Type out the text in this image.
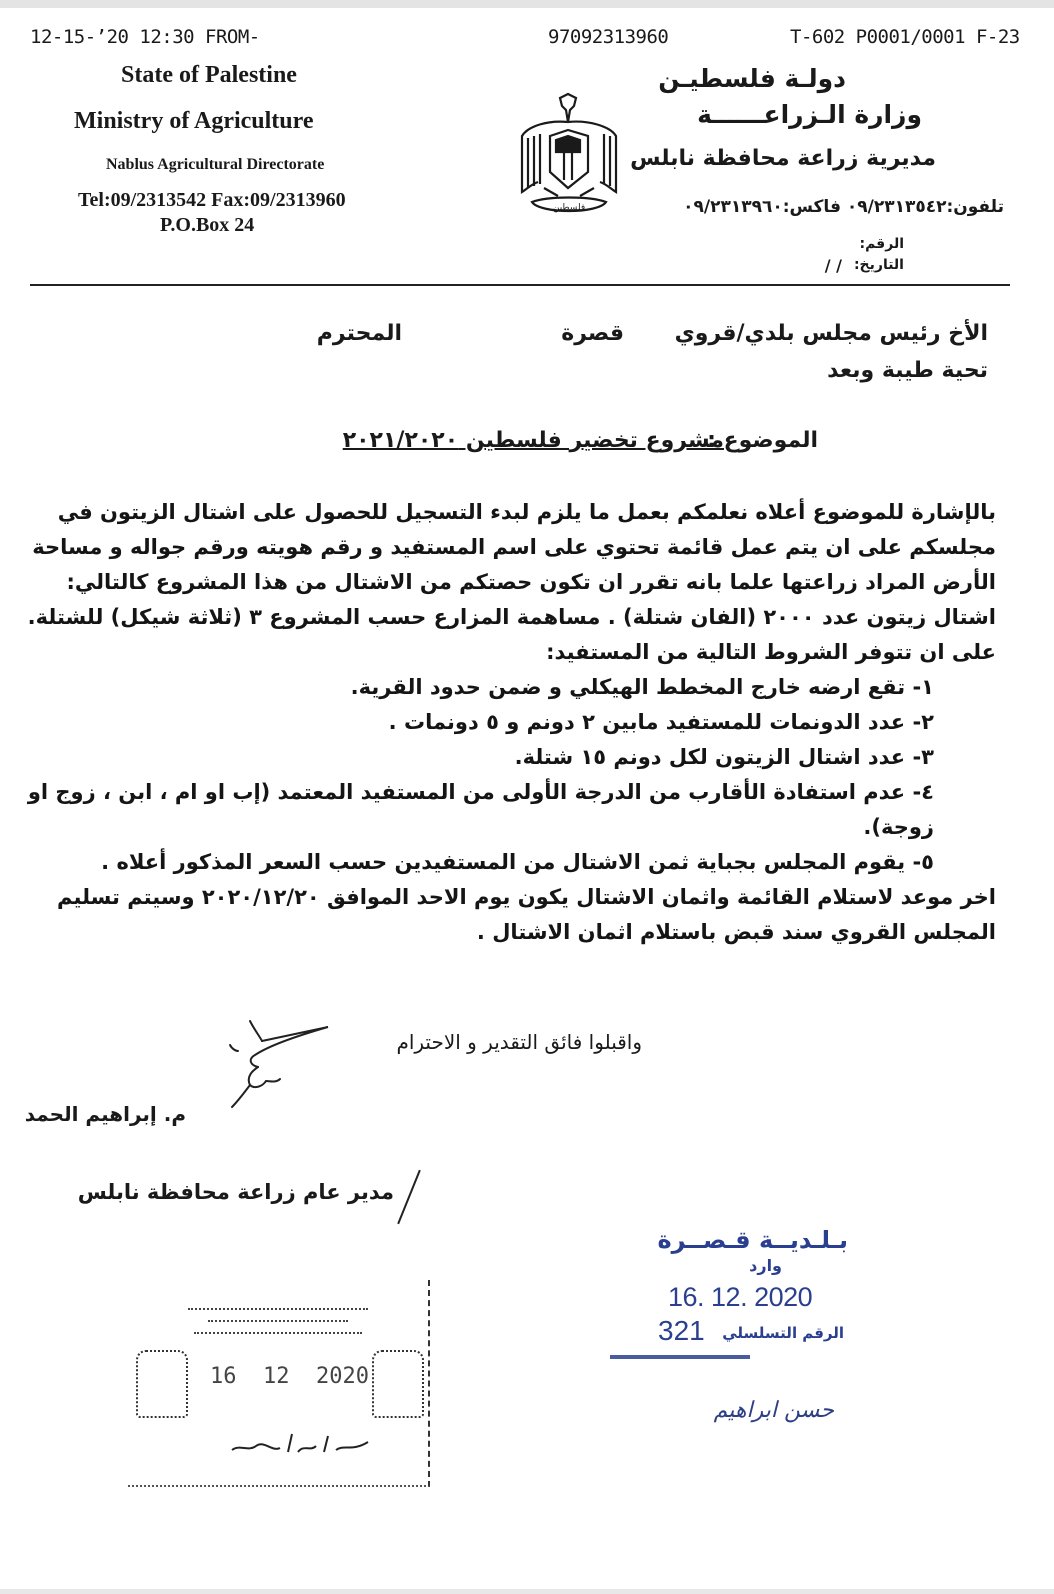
12-15-’20 12:30 FROM-	97092313960	T-602 P0001/0001 F-23
State of Palestine
Ministry of Agriculture
Nablus Agricultural Directorate
Tel:09/2313542 Fax:09/2313960
P.O.Box 24
فلسطين
دولـة فلسطيـن
وزارة الـزراعــــــة
مديرية زراعة محافظة نابلس
تلفون:٠٩/٢٣١٣٥٤٢ فاكس:٠٩/٢٣١٣٩٦٠
الرقم:
التاريخ:
/ /
الأخ رئيس مجلس بلدي/قروي
قصرة
المحترم
تحية طيبة وبعد
الموضوع :
مشروع تخضير فلسطين ٢٠٢١/٢٠٢٠
بالإشارة للموضوع أعلاه نعلمكم بعمل ما يلزم لبدء التسجيل للحصول على اشتال الزيتون في
مجلسكم على ان يتم عمل قائمة تحتوي على اسم المستفيد و رقم هويته ورقم جواله و مساحة
الأرض المراد زراعتها علما بانه تقرر ان تكون حصتكم من الاشتال من هذا المشروع كالتالي:
اشتال زيتون عدد ٢٠٠٠ (الفان شتلة) . مساهمة المزارع حسب المشروع ٣ (ثلاثة شيكل) للشتلة.
على ان تتوفر الشروط التالية من المستفيد:
١- تقع ارضه خارج المخطط الهيكلي و ضمن حدود القرية.
٢- عدد الدونمات للمستفيد مابين ٢ دونم و ٥ دونمات .
٣- عدد اشتال الزيتون لكل دونم ١٥ شتلة.
٤- عدم استفادة الأقارب من الدرجة الأولى من المستفيد المعتمد (إب او ام ، ابن ، زوج او
زوجة).
٥- يقوم المجلس بجباية ثمن الاشتال من المستفيدين حسب السعر المذكور أعلاه .
اخر موعد لاستلام القائمة واثمان الاشتال يكون يوم الاحد الموافق ٢٠٢٠/١٢/٢٠ وسيتم تسليم
المجلس القروي سند قبض باستلام اثمان الاشتال .
واقبلوا فائق التقدير و الاحترام
م. إبراهيم الحمد
مدير عام زراعة محافظة نابلس
بـلـديــة قـصــرة
وارد
16. 12. 2020
الرقم التسلسلي
321
حسن ابراهيم
16  12  2020
